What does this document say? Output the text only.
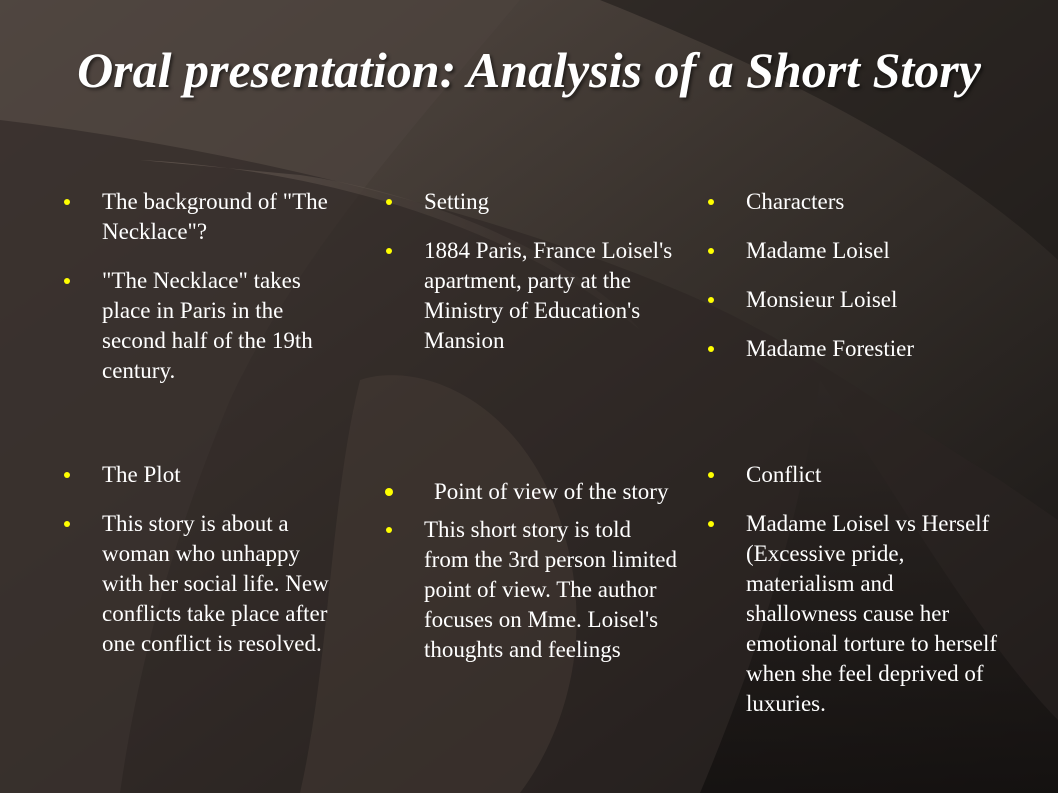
Oral presentation: Analysis of a Short Story
The background of "The Necklace"?
"The Necklace" takes place in Paris in the second half of the 19th century.
Setting
1884 Paris, France Loisel's apartment, party at the Ministry of Education's Mansion
Characters
Madame Loisel
Monsieur Loisel
Madame Forestier
The Plot
This story is about a woman who unhappy with her social life. New conflicts take place after one conflict is resolved.
Point of view of the story
This short story is told from the 3rd person limited point of view. The author focuses on Mme. Loisel's thoughts and feelings
Conflict
Madame Loisel vs Herself (Excessive pride, materialism and shallowness cause her emotional torture to herself when she feel deprived of luxuries.
